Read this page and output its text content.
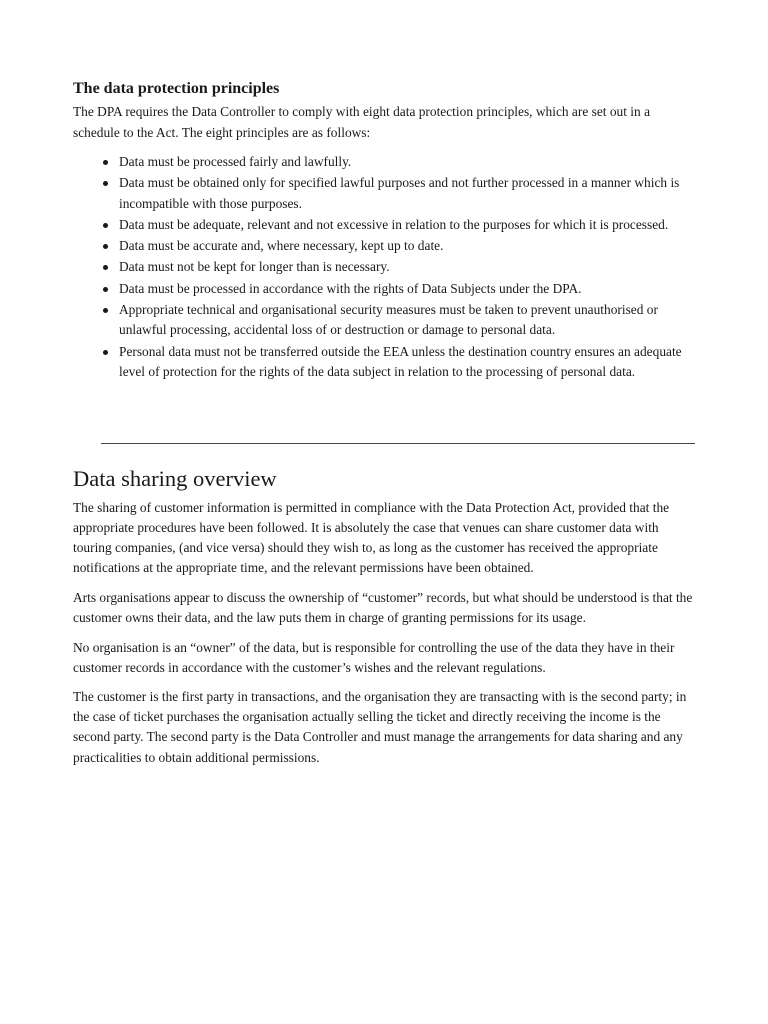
The data protection principles

The DPA requires the Data Controller to comply with eight data protection principles, which are set out in a schedule to the Act. The eight principles are as follows:

Data must be processed fairly and lawfully.
Data must be obtained only for specified lawful purposes and not further processed in a manner which is incompatible with those purposes.
Data must be adequate, relevant and not excessive in relation to the purposes for which it is processed.
Data must be accurate and, where necessary, kept up to date.
Data must not be kept for longer than is necessary.
Data must be processed in accordance with the rights of Data Subjects under the DPA.
Appropriate technical and organisational security measures must be taken to prevent unauthorised or unlawful processing, accidental loss of or destruction or damage to personal data.
Personal data must not be transferred outside the EEA unless the destination country ensures an adequate level of protection for the rights of the data subject in relation to the processing of personal data.
Data sharing overview

The sharing of customer information is permitted in compliance with the Data Protection Act, provided that the appropriate procedures have been followed. It is absolutely the case that venues can share customer data with touring companies, (and vice versa) should they wish to, as long as the customer has received the appropriate notifications at the appropriate time, and the relevant permissions have been obtained.

Arts organisations appear to discuss the ownership of “customer” records, but what should be understood is that the customer owns their data, and the law puts them in charge of granting permissions for its usage.

No organisation is an “owner” of the data, but is responsible for controlling the use of the data they have in their customer records in accordance with the customer’s wishes and the relevant regulations.

The customer is the first party in transactions, and the organisation they are transacting with is the second party; in the case of ticket purchases the organisation actually selling the ticket and directly receiving the income is the second party. The second party is the Data Controller and must manage the arrangements for data sharing and any practicalities to obtain additional permissions.
